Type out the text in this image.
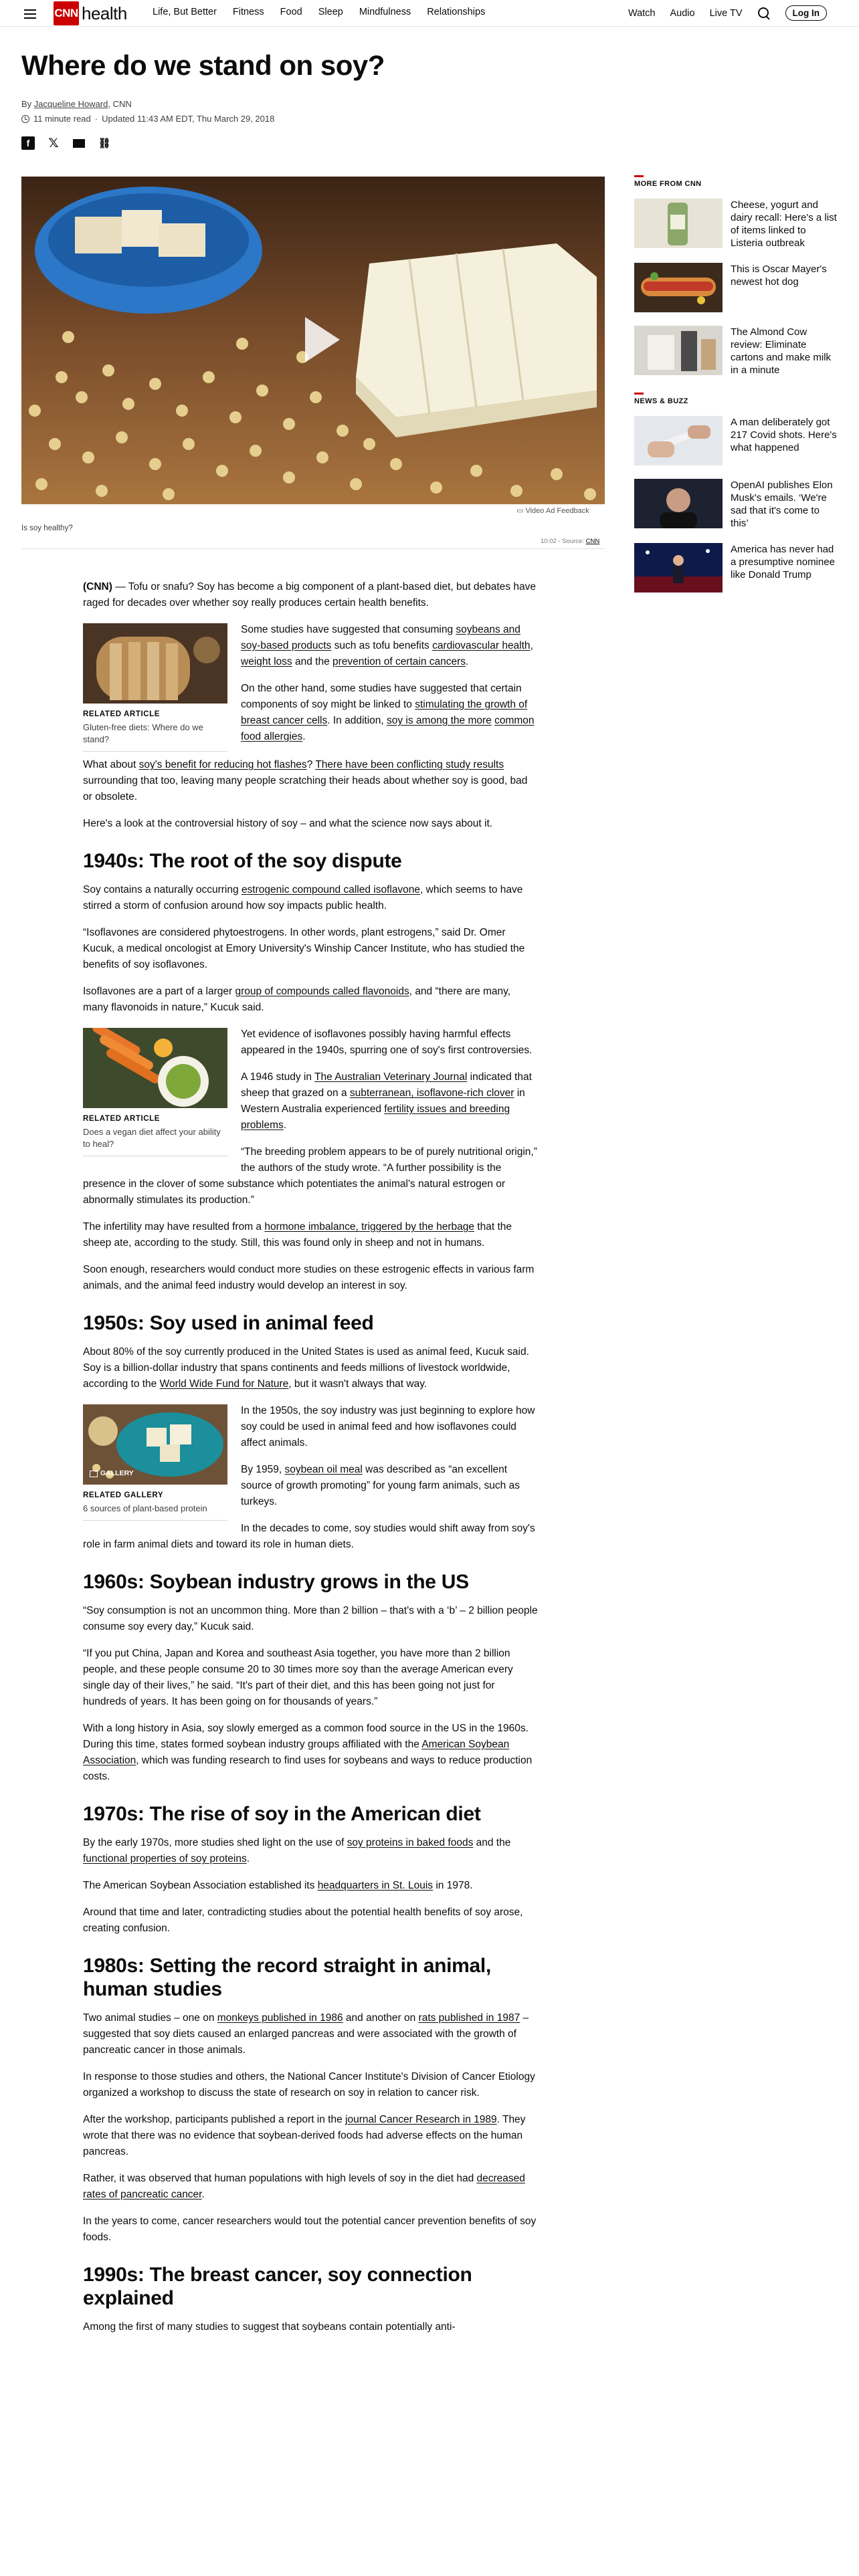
CNN health	Life, But Better Fitness Food Sleep Mindfulness Relationships	Watch Audio Live TV	Log In
Where do we stand on soy?
By Jacqueline Howard, CNN
11 minute read · Updated 11:43 AM EDT, Thu March 29, 2018
f	𝕏	⛓
▭ Video Ad Feedback
Is soy healthy?
10:02 - Source: CNN

(CNN) — Tofu or snafu? Soy has become a big component of a plant-based diet, but debates have raged for decades over whether soy really produces certain health benefits.

RELATED ARTICLE
Gluten-free diets: Where do we stand?

Some studies have suggested that consuming soybeans and soy-based products such as tofu benefits cardiovascular health, weight loss and the prevention of certain cancers.

On the other hand, some studies have suggested that certain components of soy might be linked to stimulating the growth of breast cancer cells. In addition, soy is among the more common food allergies.

What about soy's benefit for reducing hot flashes? There have been conflicting study results surrounding that too, leaving many people scratching their heads about whether soy is good, bad or obsolete.

Here's a look at the controversial history of soy – and what the science now says about it.

1940s: The root of the soy dispute

Soy contains a naturally occurring estrogenic compound called isoflavone, which seems to have stirred a storm of confusion around how soy impacts public health.

“Isoflavones are considered phytoestrogens. In other words, plant estrogens,” said Dr. Omer Kucuk, a medical oncologist at Emory University's Winship Cancer Institute, who has studied the benefits of soy isoflavones.

Isoflavones are a part of a larger group of compounds called flavonoids, and “there are many, many flavonoids in nature,” Kucuk said.

RELATED ARTICLE
Does a vegan diet affect your ability to heal?

Yet evidence of isoflavones possibly having harmful effects appeared in the 1940s, spurring one of soy's first controversies.

A 1946 study in The Australian Veterinary Journal indicated that sheep that grazed on a subterranean, isoflavone-rich clover in Western Australia experienced fertility issues and breeding problems.

“The breeding problem appears to be of purely nutritional origin,” the authors of the study wrote. “A further possibility is the presence in the clover of some substance which potentiates the animal's natural estrogen or abnormally stimulates its production.”

The infertility may have resulted from a hormone imbalance, triggered by the herbage that the sheep ate, according to the study. Still, this was found only in sheep and not in humans.

Soon enough, researchers would conduct more studies on these estrogenic effects in various farm animals, and the animal feed industry would develop an interest in soy.

1950s: Soy used in animal feed

About 80% of the soy currently produced in the United States is used as animal feed, Kucuk said. Soy is a billion-dollar industry that spans continents and feeds millions of livestock worldwide, according to the World Wide Fund for Nature, but it wasn't always that way.

GALLERY
RELATED GALLERY
6 sources of plant-based protein

In the 1950s, the soy industry was just beginning to explore how soy could be used in animal feed and how isoflavones could affect animals.

By 1959, soybean oil meal was described as “an excellent source of growth promoting” for young farm animals, such as turkeys.

In the decades to come, soy studies would shift away from soy's role in farm animal diets and toward its role in human diets.

1960s: Soybean industry grows in the US

“Soy consumption is not an uncommon thing. More than 2 billion – that's with a ‘b’ – 2 billion people consume soy every day,” Kucuk said.

“If you put China, Japan and Korea and southeast Asia together, you have more than 2 billion people, and these people consume 20 to 30 times more soy than the average American every single day of their lives,” he said. “It's part of their diet, and this has been going not just for hundreds of years. It has been going on for thousands of years.”

With a long history in Asia, soy slowly emerged as a common food source in the US in the 1960s. During this time, states formed soybean industry groups affiliated with the American Soybean Association, which was funding research to find uses for soybeans and ways to reduce production costs.

1970s: The rise of soy in the American diet

By the early 1970s, more studies shed light on the use of soy proteins in baked foods and the functional properties of soy proteins.

The American Soybean Association established its headquarters in St. Louis in 1978.

Around that time and later, contradicting studies about the potential health benefits of soy arose, creating confusion.

1980s: Setting the record straight in animal, human studies

Two animal studies – one on monkeys published in 1986 and another on rats published in 1987 – suggested that soy diets caused an enlarged pancreas and were associated with the growth of pancreatic cancer in those animals.

In response to those studies and others, the National Cancer Institute's Division of Cancer Etiology organized a workshop to discuss the state of research on soy in relation to cancer risk.

After the workshop, participants published a report in the journal Cancer Research in 1989. They wrote that there was no evidence that soybean-derived foods had adverse effects on the human pancreas.

Rather, it was observed that human populations with high levels of soy in the diet had decreased rates of pancreatic cancer.

In the years to come, cancer researchers would tout the potential cancer prevention benefits of soy foods.

1990s: The breast cancer, soy connection explained

Among the first of many studies to suggest that soybeans contain potentially anti-

MORE FROM CNN
Cheese, yogurt and dairy recall: Here's a list of items linked to Listeria outbreak
This is Oscar Mayer's newest hot dog
The Almond Cow review: Eliminate cartons and make milk in a minute
NEWS & BUZZ
A man deliberately got 217 Covid shots. Here's what happened
OpenAI publishes Elon Musk's emails. ‘We're sad that it's come to this’
America has never had a presumptive nominee like Donald Trump
